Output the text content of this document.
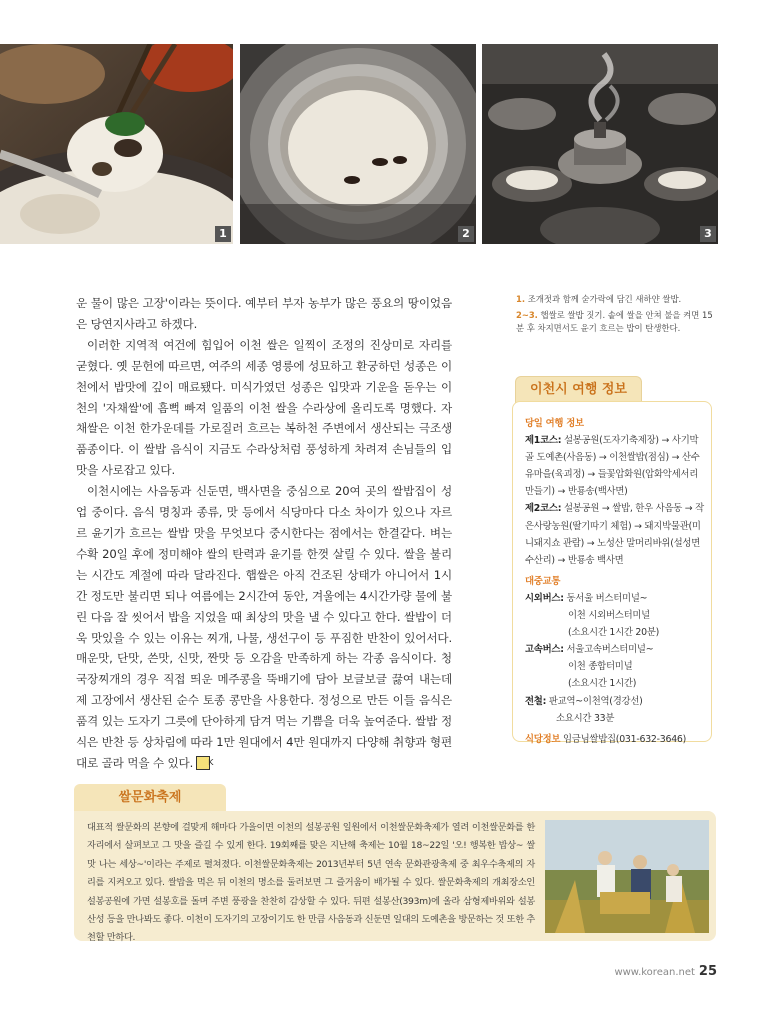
1	2	3

운 물이 많은 고장'이라는 뜻이다. 예부터 부자 농부가 많은 풍요의 땅이었음은 당연지사라고 하겠다.

이러한 지역적 여건에 힘입어 이천 쌀은 일찍이 조정의 진상미로 자리를 굳혔다. 옛 문헌에 따르면, 여주의 세종 영릉에 성묘하고 환궁하던 성종은 이천에서 밥맛에 깊이 매료됐다. 미식가였던 성종은 입맛과 기운을 돋우는 이천의 '자채쌀'에 흠뻑 빠져 일품의 이천 쌀을 수라상에 올리도록 명했다. 자채쌀은 이천 한가운데를 가로질러 흐르는 복하천 주변에서 생산되는 극조생 품종이다. 이 쌀밥 음식이 지금도 수라상처럼 풍성하게 차려져 손님들의 입맛을 사로잡고 있다.

이천시에는 사음동과 신둔면, 백사면을 중심으로 20여 곳의 쌀밥집이 성업 중이다. 음식 명칭과 종류, 맛 등에서 식당마다 다소 차이가 있으나 자르르 윤기가 흐르는 쌀밥 맛을 무엇보다 중시한다는 점에서는 한결같다. 벼는 수확 20일 후에 정미해야 쌀의 탄력과 윤기를 한껏 살릴 수 있다. 쌀을 불리는 시간도 계절에 따라 달라진다. 햅쌀은 아직 건조된 상태가 아니어서 1시간 정도만 불리면 되나 여름에는 2시간여 동안, 겨울에는 4시간가량 물에 불린 다음 잘 씻어서 밥을 지었을 때 최상의 맛을 낼 수 있다고 한다. 쌀밥이 더욱 맛있을 수 있는 이유는 찌개, 나물, 생선구이 등 푸짐한 반찬이 있어서다. 매운맛, 단맛, 쓴맛, 신맛, 짠맛 등 오감을 만족하게 하는 각종 음식이다. 청국장찌개의 경우 직접 띄운 메주콩을 뚝배기에 담아 보글보글 끓여 내는데 제 고장에서 생산된 순수 토종 콩만을 사용한다. 정성으로 만든 이들 음식은 품격 있는 도자기 그릇에 단아하게 담겨 먹는 기쁨을 더욱 높여준다. 쌀밥 정식은 반찬 등 상차림에 따라 1만 원대에서 4만 원대까지 다양해 취향과 형편대로 골라 먹을 수 있다. K

1. 조개젓과 함께 숟가락에 담긴 새하얀 쌀밥.

2~3. 햅쌀로 쌀밥 짓기. 솥에 쌀을 안쳐 불을 켜면 15분 후 차지면서도 윤기 흐르는 밥이 탄생한다.

이천시 여행 정보
당일 여행 정보
제1코스: 설봉공원(도자기축제장) → 사기막골 도예촌(사음동) → 이천쌀밥(점심) → 산수유마을(육괴정) → 들꽃압화원(압화악세서리 만들기) → 반룡송(백사면)
제2코스: 설봉공원 → 쌀밥, 한우 사음동 → 작은사랑농원(딸기따기 체험) → 돼지박물관(미니돼지쇼 관람) → 노성산 말머리바위(설성면 수산리) → 반룡송 백사면
대중교통
시외버스: 동서울 버스터미널~
이천 시외버스터미널
(소요시간 1시간 20분)
고속버스: 서울고속버스터미널~
이천 종합터미널
(소요시간 1시간)
전철: 판교역~이천역(경강선)
소요시간 33분
식당정보 임금님쌀밥집(031-632-3646)
쌀문화축제
대표적 쌀문화의 본향에 걸맞게 해마다 가을이면 이천의 설봉공원 일원에서 이천쌀문화축제가 열려 이천쌀문화를 한자리에서 살펴보고 그 맛을 즐길 수 있게 한다. 19회째를 맞은 지난해 축제는 10월 18~22일 '오! 행복한 밥상~ 쌀 맛 나는 세상~'이라는 주제로 펼쳐졌다. 이천쌀문화축제는 2013년부터 5년 연속 문화관광축제 중 최우수축제의 자리를 지켜오고 있다. 쌀밥을 먹은 뒤 이천의 명소를 둘러보면 그 즐거움이 배가될 수 있다. 쌀문화축제의 개최장소인 설봉공원에 가면 설봉호를 돌며 주변 풍광을 찬찬히 감상할 수 있다. 뒤편 설봉산(393m)에 올라 삼형제바위와 설봉산성 등을 만나봐도 좋다. 이천이 도자기의 고장이기도 한 만큼 사음동과 신둔면 일대의 도예촌을 방문하는 것 또한 추천할 만하다.
www.korean.net 25
